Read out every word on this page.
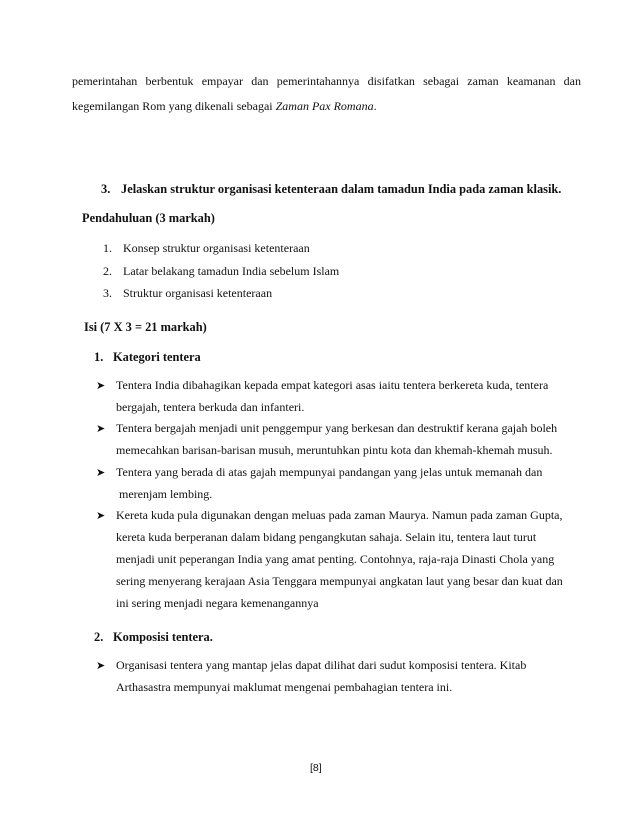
pemerintahan berbentuk empayar dan pemerintahannya disifatkan sebagai zaman keamanan dan
kegemilangan Rom yang dikenali sebagai Zaman Pax Romana.
3. Jelaskan struktur organisasi ketenteraan dalam tamadun India pada zaman klasik.
Pendahuluan (3 markah)
1. Konsep struktur organisasi ketenteraan
2. Latar belakang tamadun India sebelum Islam
3. Struktur organisasi ketenteraan
Isi (7 X 3 = 21 markah)
1. Kategori tentera
➤ Tentera India dibahagikan kepada empat kategori asas iaitu tentera berkereta kuda, tentera
bergajah, tentera berkuda dan infanteri.
➤ Tentera bergajah menjadi unit penggempur yang berkesan dan destruktif kerana gajah boleh
memecahkan barisan-barisan musuh, meruntuhkan pintu kota dan khemah-khemah musuh.
➤ Tentera yang berada di atas gajah mempunyai pandangan yang jelas untuk memanah dan
merenjam lembing.
➤ Kereta kuda pula digunakan dengan meluas pada zaman Maurya. Namun pada zaman Gupta,
kereta kuda berperanan dalam bidang pengangkutan sahaja. Selain itu, tentera laut turut
menjadi unit peperangan India yang amat penting. Contohnya, raja-raja Dinasti Chola yang
sering menyerang kerajaan Asia Tenggara mempunyai angkatan laut yang besar dan kuat dan
ini sering menjadi negara kemenangannya
2. Komposisi tentera.
➤ Organisasi tentera yang mantap jelas dapat dilihat dari sudut komposisi tentera. Kitab
Arthasastra mempunyai maklumat mengenai pembahagian tentera ini.
[8]
